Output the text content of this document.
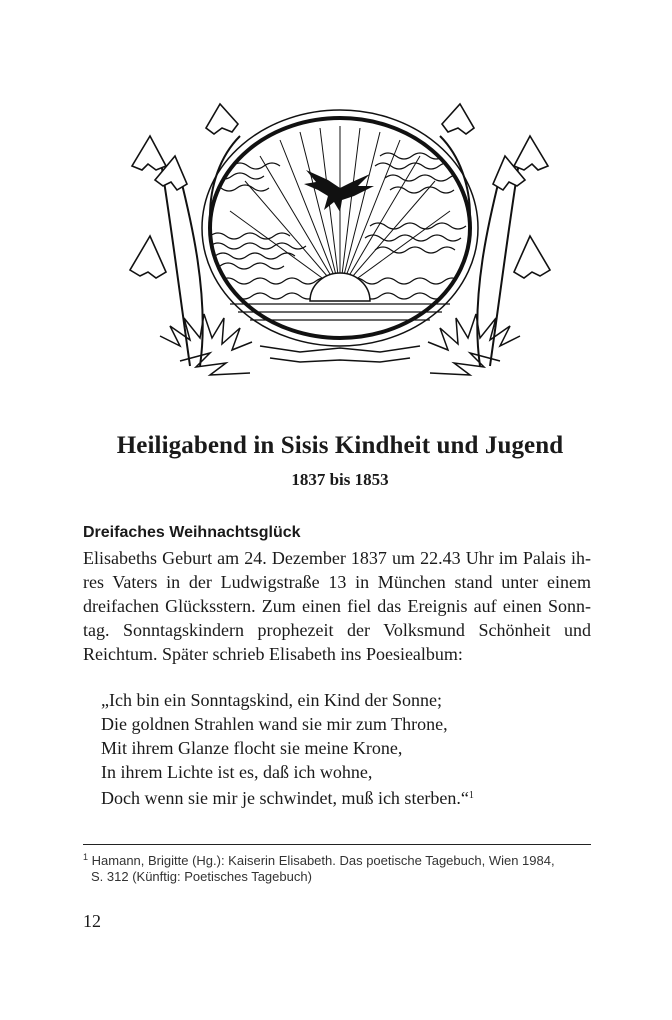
Heiligabend in Sisis Kindheit und Jugend
1837 bis 1853
Dreifaches Weihnachtsglück
Elisabeths Geburt am 24. Dezember 1837 um 22.43 Uhr im Palais ih-
res Vaters in der Ludwigstraße 13 in München stand unter einem
dreifachen Glücksstern. Zum einen fiel das Ereignis auf einen Sonn-
tag. Sonntagskindern prophezeit der Volksmund Schönheit und
Reichtum. Später schrieb Elisabeth ins Poesiealbum:
„Ich bin ein Sonntagskind, ein Kind der Sonne;
Die goldnen Strahlen wand sie mir zum Throne,
Mit ihrem Glanze flocht sie meine Krone,
In ihrem Lichte ist es, daß ich wohne,
Doch wenn sie mir je schwindet, muß ich sterben.“$^1$
$^1$ Hamann, Brigitte (Hg.): Kaiserin Elisabeth. Das poetische Tagebuch, Wien 1984,
S. 312 (Künftig: Poetisches Tagebuch)
12
